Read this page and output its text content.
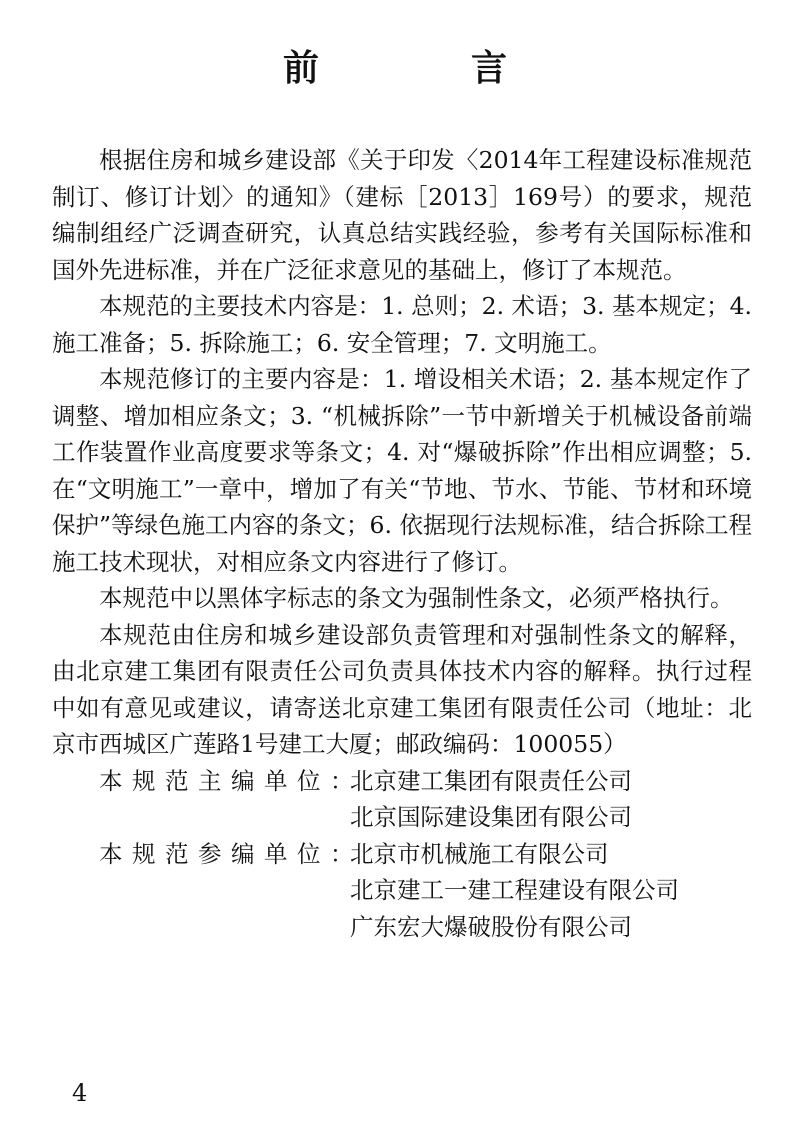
前　言

根据住房和城乡建设部《关于印发〈2014年工程建设标准规范制订、修订计划〉的通知》（建标［2013］169号）的要求，规范编制组经广泛调查研究，认真总结实践经验，参考有关国际标准和国外先进标准，并在广泛征求意见的基础上，修订了本规范。

本规范的主要技术内容是：1. 总则；2. 术语；3. 基本规定；4. 施工准备；5. 拆除施工；6. 安全管理；7. 文明施工。

本规范修订的主要内容是：1. 增设相关术语；2. 基本规定作了调整、增加相应条文；3. “机械拆除”一节中新增关于机械设备前端工作装置作业高度要求等条文；4. 对“爆破拆除”作出相应调整；5. 在“文明施工”一章中，增加了有关“节地、节水、节能、节材和环境保护”等绿色施工内容的条文；6. 依据现行法规标准，结合拆除工程施工技术现状，对相应条文内容进行了修订。

本规范中以黑体字标志的条文为强制性条文，必须严格执行。

本规范由住房和城乡建设部负责管理和对强制性条文的解释，由北京建工集团有限责任公司负责具体技术内容的解释。执行过程中如有意见或建议，请寄送北京建工集团有限责任公司（地址：北京市西城区广莲路1号建工大厦；邮政编码：100055）

本规范主编单位：
北京建工集团有限责任公司
北京国际建设集团有限公司
本规范参编单位：
北京市机械施工有限公司
北京建工一建工程建设有限公司
广东宏大爆破股份有限公司
4
